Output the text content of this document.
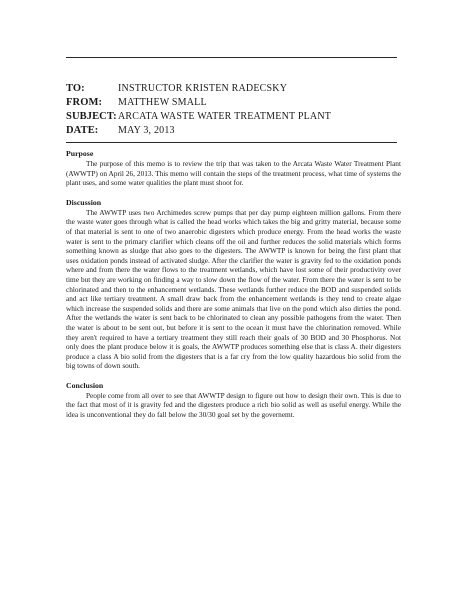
TO:	INSTRUCTOR KRISTEN RADECSKY
FROM:	MATTHEW SMALL
SUBJECT: ARCATA WASTE WATER TREATMENT PLANT
DATE:	MAY 3, 2013
Purpose

The purpose of this memo is to review the trip that was taken to the Arcata Waste Water Treatment Plant (AWWTP) on April 26, 2013. This memo will contain the steps of the treatment process, what time of systems the plant uses, and some water qualities the plant must shoot for.

Discussion

The AWWTP uses two Archimedes screw pumps that per day pump eighteen million gallons. From there the waste water goes through what is called the head works which takes the big and gritty material, because some of that material is sent to one of two anaerobic digesters which produce energy. From the head works the waste water is sent to the primary clarifier which cleans off the oil and further reduces the solid materials which forms something known as sludge that also goes to the digesters. The AWWTP is known for being the first plant that uses oxidation ponds instead of activated sludge. After the clarifier the water is gravity fed to the oxidation ponds where and from there the water flows to the treatment wetlands, which have lost some of their productivity over time but they are working on finding a way to slow down the flow of the water. From there the water is sent to be chlorinated and then to the enhancement wetlands. These wetlands further reduce the BOD and suspended solids and act like tertiary treatment. A small draw back from the enhancement wetlands is they tend to create algae which increase the suspended solids and there are some animals that live on the pond which also dirties the pond. After the wetlands the water is sent back to be chlorinated to clean any possible pathogens from the water. Then the water is about to be sent out, but before it is sent to the ocean it must have the chlorination removed. While they aren't required to have a tertiary treatment they still reach their goals of 30 BOD and 30 Phosphorus. Not only does the plant produce below it is goals, the AWWTP produces something else that is class A. their digesters produce a class A bio solid from the digesters that is a far cry from the low quality hazardous bio solid from the big towns of down south.

Conclusion

People come from all over to see that AWWTP design to figure out how to design their own. This is due to the fact that most of it is gravity fed and the digesters produce a rich bio solid as well as useful energy. While the idea is unconventional they do fall below the 30/30 goal set by the governemt.
